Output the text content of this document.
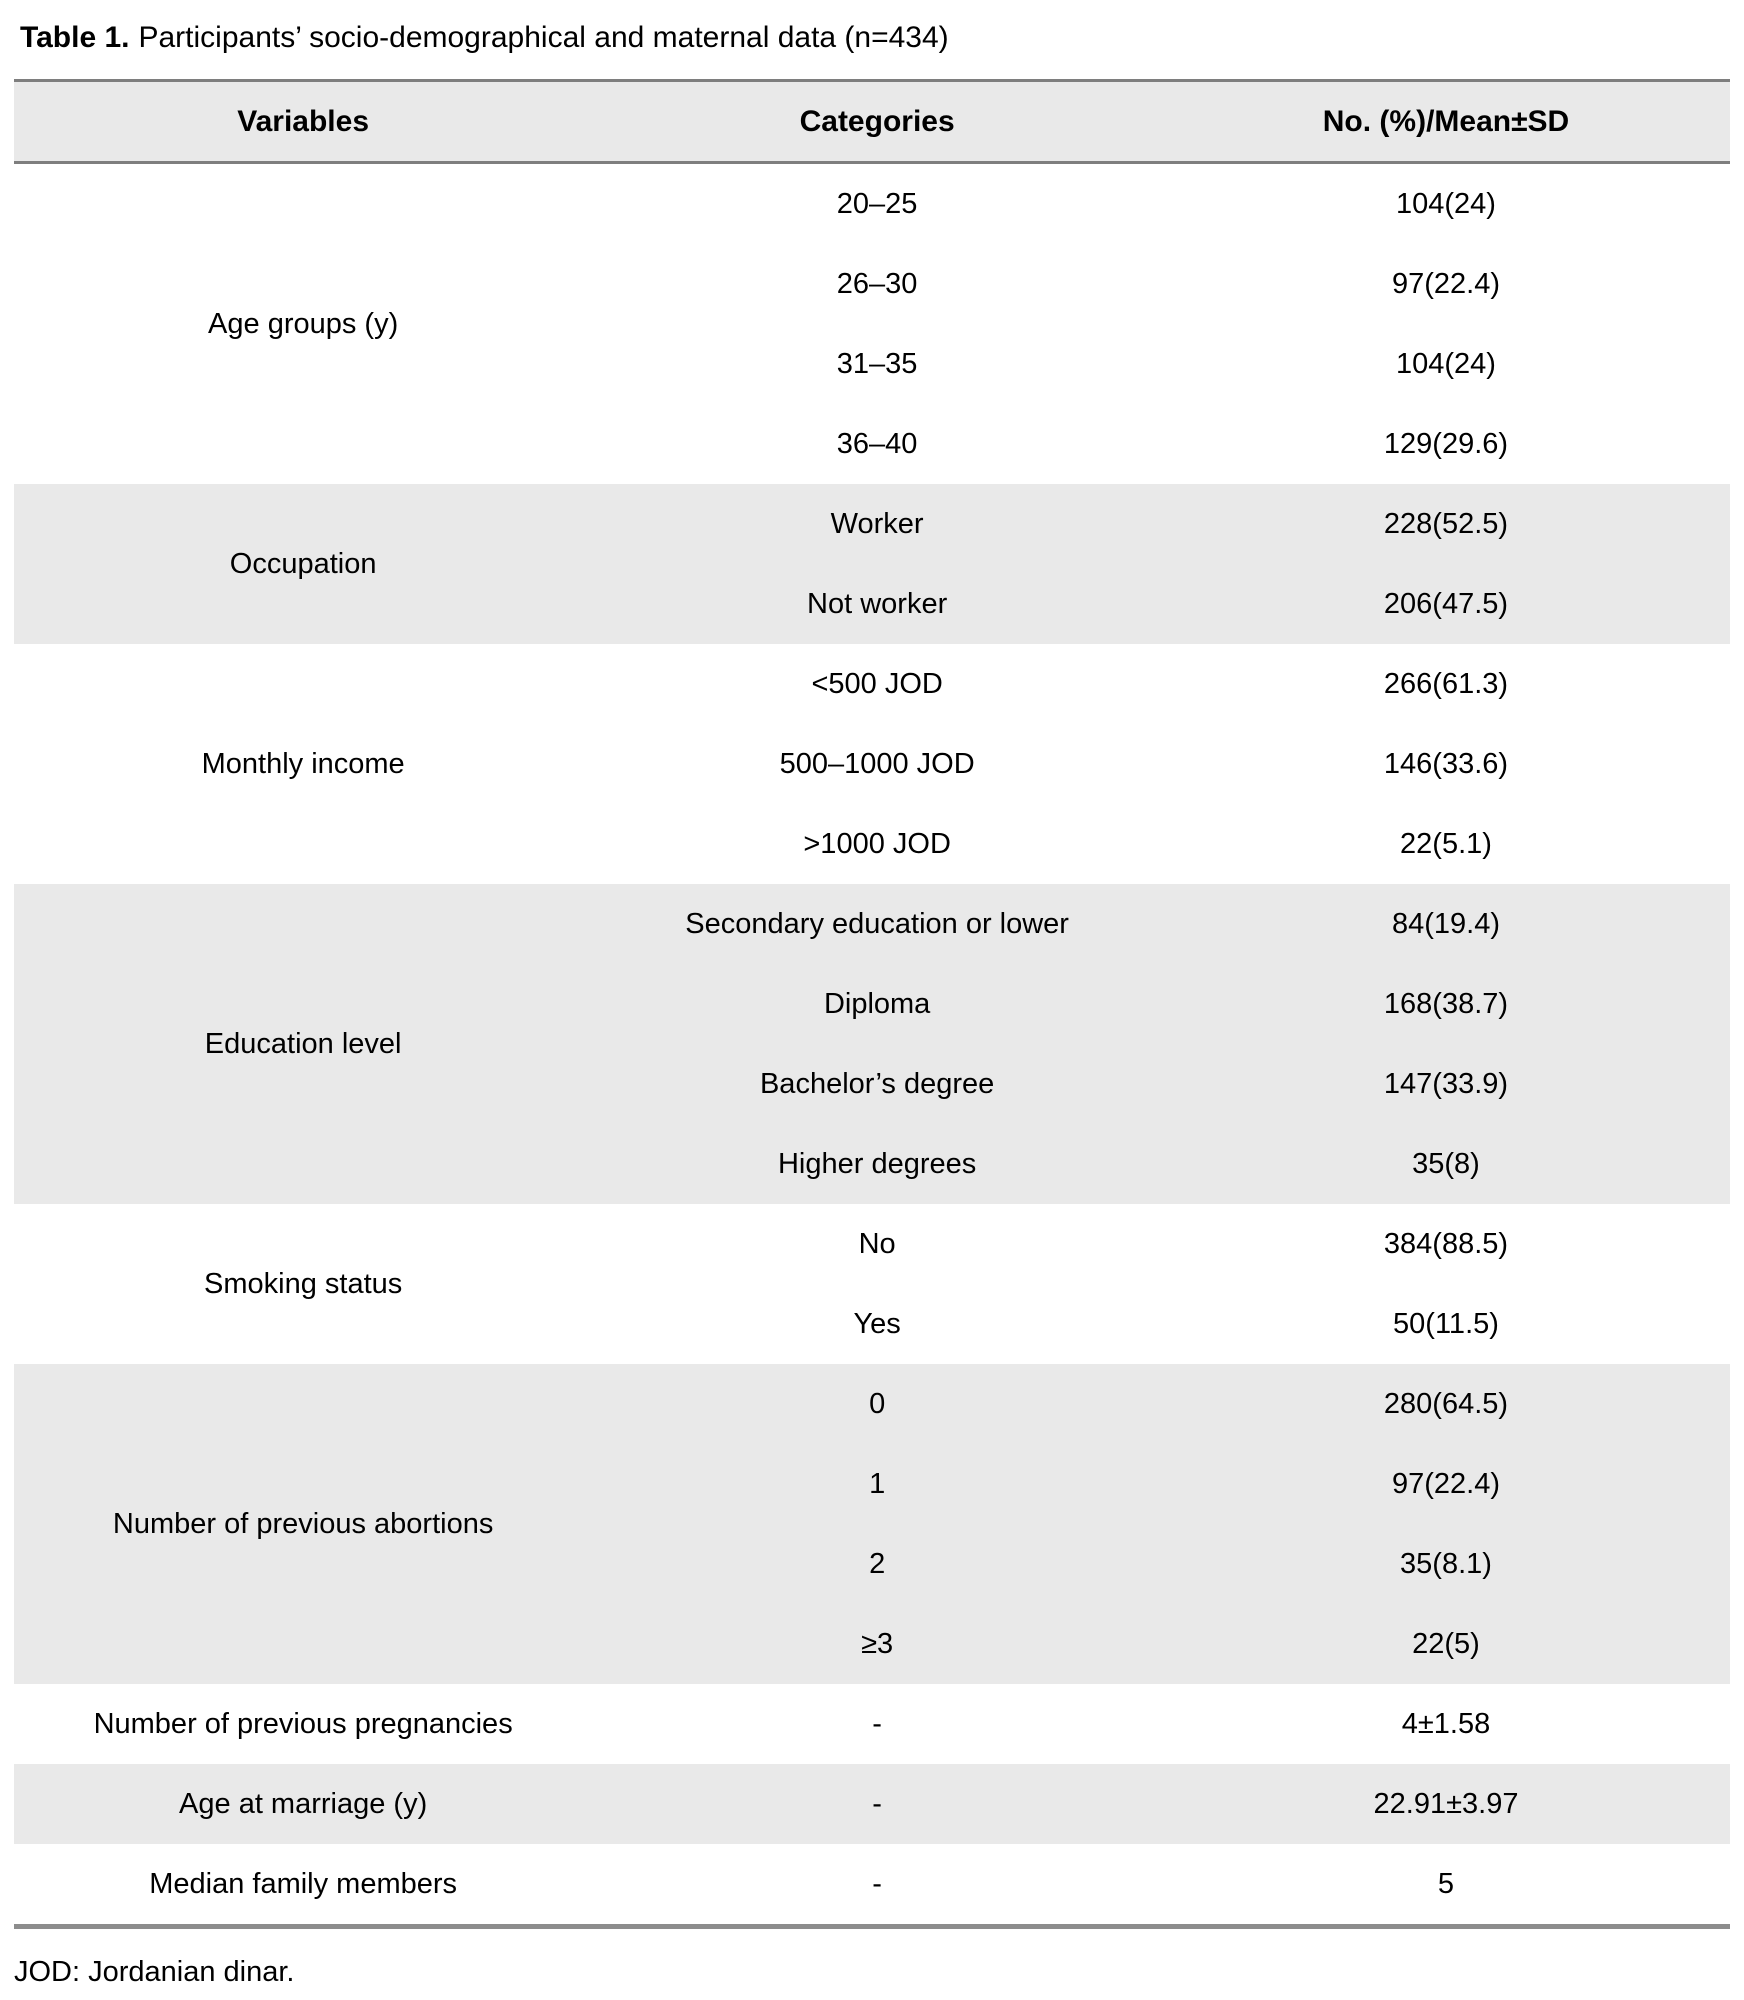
Table 1. Participants’ socio-demographical and maternal data (n=434)
Variables	Categories	No. (%)/Mean±SD
Age groups (y)	20–25	104(24)
	26–30	97(22.4)
	31–35	104(24)
	36–40	129(29.6)
Occupation	Worker	228(52.5)
	Not worker	206(47.5)
Monthly income	<500 JOD	266(61.3)
	500–1000 JOD	146(33.6)
	>1000 JOD	22(5.1)
Education level	Secondary education or lower	84(19.4)
	Diploma	168(38.7)
	Bachelor’s degree	147(33.9)
	Higher degrees	35(8)
Smoking status	No	384(88.5)
	Yes	50(11.5)
Number of previous abortions	0	280(64.5)
	1	97(22.4)
	2	35(8.1)
	≥3	22(5)
Number of previous pregnancies	-	4±1.58
Age at marriage (y)	-	22.91±3.97
Median family members	-	5
JOD: Jordanian dinar.
